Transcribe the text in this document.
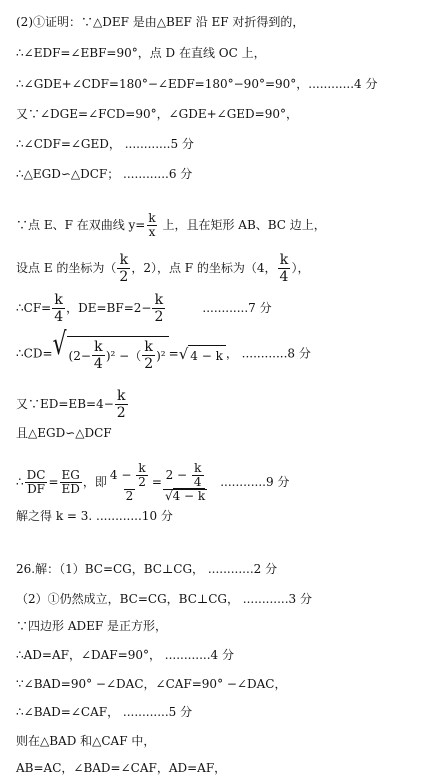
(2)①证明：∵△DEF 是由△BEF 沿 EF 对折得到的，
∴∠EDF=∠EBF=90°，点 D 在直线 OC 上，
∴∠GDE+∠CDF=180°−∠EDF=180°−90°=90°，............4 分
又∵∠DGE=∠FCD=90°，∠GDE+∠GED=90°，
∴∠CDF=∠GED， ............5 分
∴△EGD∽△DCF； ............6 分
∵点 E、F 在双曲线 $y= \frac{k}{x}$ 上，且在矩形 AB、BC 边上，
设点 E 的坐标为（ $\frac{k}{2}$ ，2），点 F 的坐标为（4， $\frac{k}{4}$ ），
∴CF= $\frac{k}{4}$ ，$DE=BF=2- \frac{k}{2}$	............7 分
∴CD= √ $(2- \frac{k}{4} )^2$ −（ $\frac{k}{2} )^2$ = √ 4 − k ， ............8 分
又∵ED=EB=4− $\frac{k}{2}$
且△EGD∽△DCF
∴ $\frac{DC}{DF} = \frac{EG}{ED}$ ，即 $\frac{4 - \frac{k}{2}}{2} = \frac{2 - \frac{k}{4}}{√4 - k} ............9$ 分
解之得 k = 3. ............10 分
26.解：（1）BC=CG，BC⊥CG， ............2 分
（2）①仍然成立，BC=CG，BC⊥CG， ............3 分
∵四边形 ADEF 是正方形，
∴AD=AF，∠DAF=90°， ............4 分
∵∠BAD=90° −∠DAC，∠CAF=90° −∠DAC，
∴∠BAD=∠CAF， ............5 分
则在△BAD 和△CAF 中，
AB=AC，∠BAD=∠CAF，AD=AF，
